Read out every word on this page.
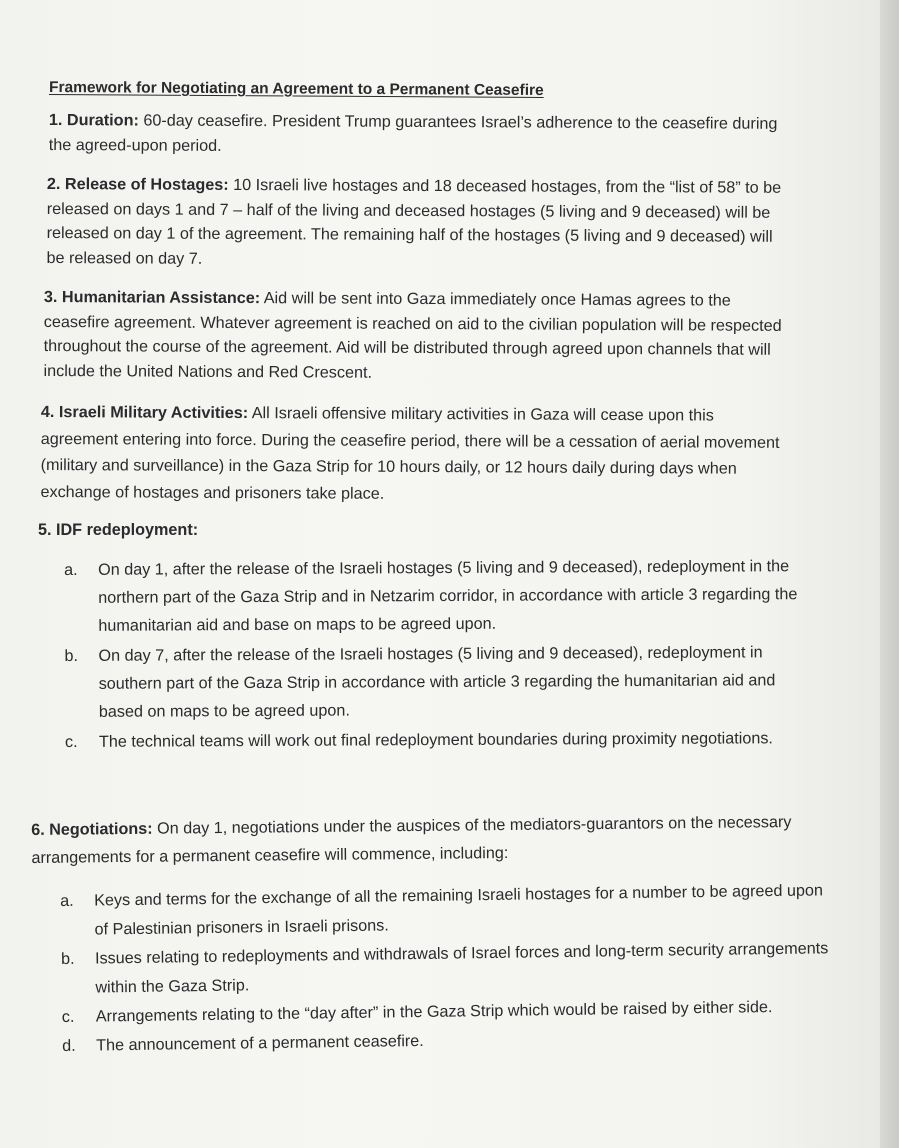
Framework for Negotiating an Agreement to a Permanent Ceasefire
1. Duration: 60-day ceasefire. President Trump guarantees Israel’s adherence to the ceasefire during the agreed-upon period.
2. Release of Hostages: 10 Israeli live hostages and 18 deceased hostages, from the “list of 58” to be released on days 1 and 7 – half of the living and deceased hostages (5 living and 9 deceased) will be released on day 1 of the agreement. The remaining half of the hostages (5 living and 9 deceased) will be released on day 7.
3. Humanitarian Assistance: Aid will be sent into Gaza immediately once Hamas agrees to the ceasefire agreement. Whatever agreement is reached on aid to the civilian population will be respected throughout the course of the agreement. Aid will be distributed through agreed upon channels that will include the United Nations and Red Crescent.
4. Israeli Military Activities: All Israeli offensive military activities in Gaza will cease upon this agreement entering into force. During the ceasefire period, there will be a cessation of aerial movement (military and surveillance) in the Gaza Strip for 10 hours daily, or 12 hours daily during days when exchange of hostages and prisoners take place.
5. IDF redeployment:
a. On day 1, after the release of the Israeli hostages (5 living and 9 deceased), redeployment in the northern part of the Gaza Strip and in Netzarim corridor, in accordance with article 3 regarding the humanitarian aid and base on maps to be agreed upon.
b. On day 7, after the release of the Israeli hostages (5 living and 9 deceased), redeployment in southern part of the Gaza Strip in accordance with article 3 regarding the humanitarian aid and based on maps to be agreed upon.
c. The technical teams will work out final redeployment boundaries during proximity negotiations.
6. Negotiations: On day 1, negotiations under the auspices of the mediators-guarantors on the necessary arrangements for a permanent ceasefire will commence, including:
a. Keys and terms for the exchange of all the remaining Israeli hostages for a number to be agreed upon of Palestinian prisoners in Israeli prisons.
b. Issues relating to redeployments and withdrawals of Israel forces and long-term security arrangements within the Gaza Strip.
c. Arrangements relating to the “day after” in the Gaza Strip which would be raised by either side.
d. The announcement of a permanent ceasefire.
